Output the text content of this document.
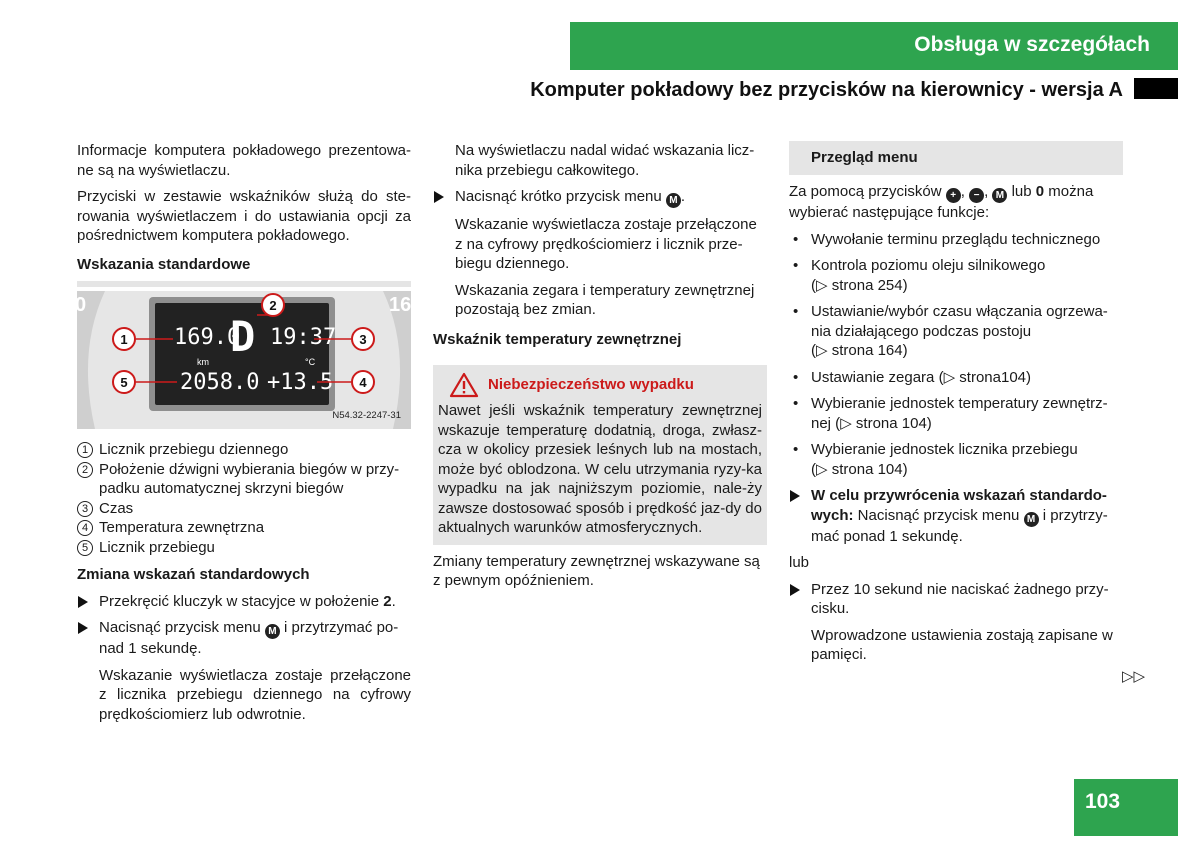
Obsługa w szczegółach
Komputer pokładowy bez przycisków na kierownicy - wersja A

Informacje komputera pokładowego prezentowa-ne są na wyświetlaczu.

Przyciski w zestawie wskaźników służą do ste-rowania wyświetlaczem i do ustawiania opcji za pośrednictwem komputera pokładowego.

Wskazania standardowe
0	16
169.0
D 19:37
km	°C
2058.0 +13.5
1
2
3
4
5
N54.32-2247-31
1 Licznik przebiegu dziennego
2 Położenie dźwigni wybierania biegów w przy-padku automatycznej skrzyni biegów
3 Czas
4 Temperatura zewnętrzna
5 Licznik przebiegu
Zmiana wskazań standardowych
Przekręcić kluczyk w stacyjce w położenie 2.
Nacisnąć przycisk menu M i przytrzymać po-nad 1 sekundę.

Wskazanie wyświetlacza zostaje przełączone z licznika przebiegu dziennego na cyfrowy prędkościomierz lub odwrotnie.

Na wyświetlaczu nadal widać wskazania licz-nika przebiegu całkowitego.

Nacisnąć krótko przycisk menu M .

Wskazanie wyświetlacza zostaje przełączone z na cyfrowy prędkościomierz i licznik prze-biegu dziennego.

Wskazania zegara i temperatury zewnętrznej pozostają bez zmian.

Wskaźnik temperatury zewnętrznej
Niebezpieczeństwo wypadku
Nawet jeśli wskaźnik temperatury zewnętrznej wskazuje temperaturę dodatnią, droga, zwłasz-cza w okolicy przesiek leśnych lub na mostach, może być oblodzona. W celu utrzymania ryzy-ka wypadku na jak najniższym poziomie, nale-ży zawsze dostosować sposób i prędkość jaz-dy do aktualnych warunków atmosferycznych.

Zmiany temperatury zewnętrznej wskazywane są z pewnym opóźnieniem.

Przegląd menu

Za pomocą przycisków + , − , M lub 0 można wybierać następujące funkcje:

• Wywołanie terminu przeglądu technicznego
• Kontrola poziomu oleju silnikowego
(▷ strona 254)
• Ustawianie/wybór czasu włączania ogrzewa-nia działającego podczas postoju
(▷ strona 164)
• Ustawianie zegara (▷ strona104)
• Wybieranie jednostek temperatury zewnętrz-nej (▷ strona 104)
• Wybieranie jednostek licznika przebiegu
(▷ strona 104)
W celu przywrócenia wskazań standardo-wych: Nacisnąć przycisk menu M i przytrzy-mać ponad 1 sekundę.

lub

Przez 10 sekund nie naciskać żadnego przy-cisku.

Wprowadzone ustawienia zostają zapisane w pamięci.

▷▷
103
